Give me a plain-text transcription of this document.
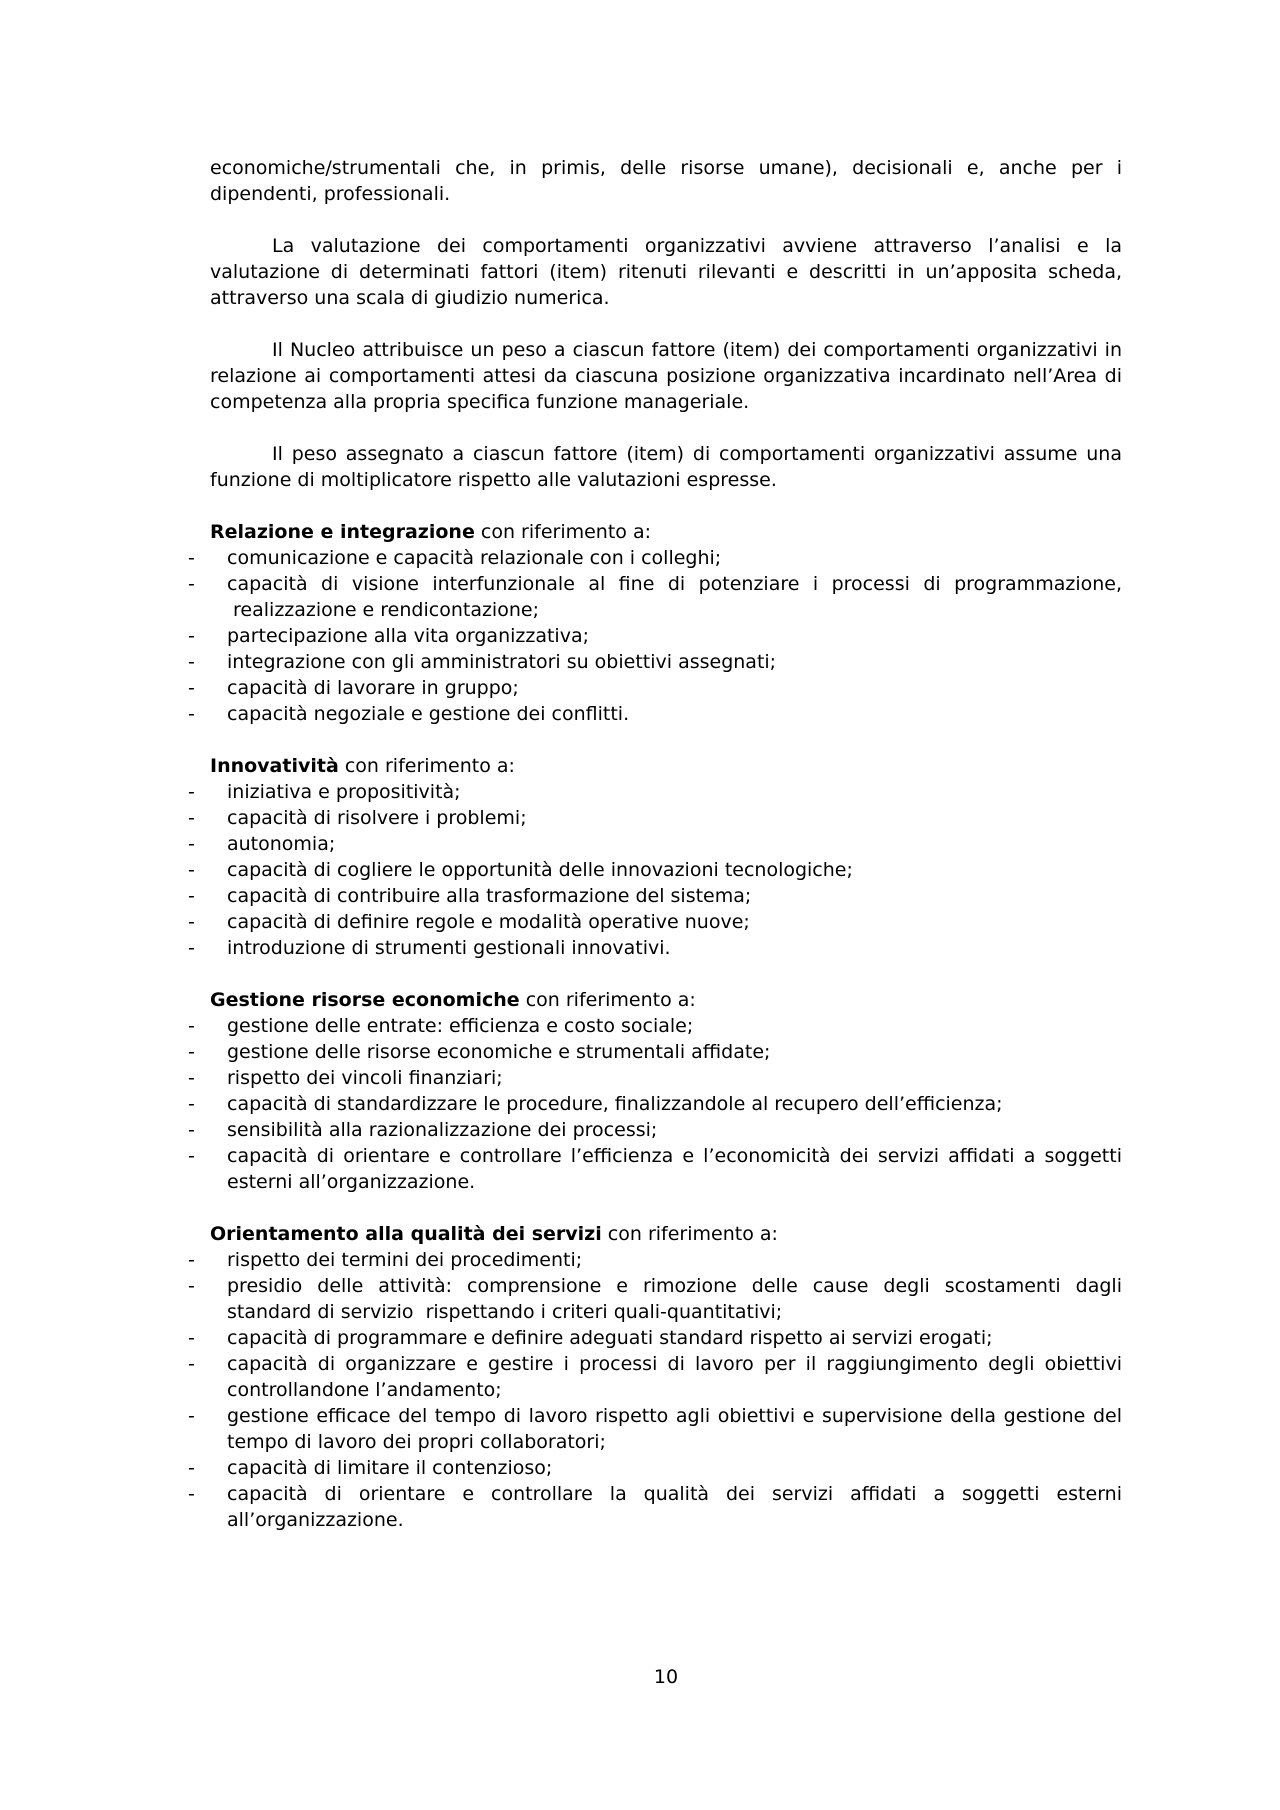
economiche/strumentali che, in primis, delle risorse umane), decisionali e, anche per i dipendenti, professionali.

La valutazione dei comportamenti organizzativi avviene attraverso l’analisi e la valutazione di determinati fattori (item) ritenuti rilevanti e descritti in un’apposita scheda, attraverso una scala di giudizio numerica.

Il Nucleo attribuisce un peso a ciascun fattore (item) dei comportamenti organizzativi in relazione ai comportamenti attesi da ciascuna posizione organizzativa incardinato nell’Area di competenza alla propria specifica funzione manageriale.

Il peso assegnato a ciascun fattore (item) di comportamenti organizzativi assume una funzione di moltiplicatore rispetto alle valutazioni espresse.

Relazione e integrazione con riferimento a:

- comunicazione e capacità relazionale con i colleghi;
- capacità di visione interfunzionale al fine di potenziare i processi di programmazione,  realizzazione e rendicontazione;
- partecipazione alla vita organizzativa;
- integrazione con gli amministratori su obiettivi assegnati;
- capacità di lavorare in gruppo;
- capacità negoziale e gestione dei conflitti.

Innovatività con riferimento a:

- iniziativa e propositività;
- capacità di risolvere i problemi;
- autonomia;
- capacità di cogliere le opportunità delle innovazioni tecnologiche;
- capacità di contribuire alla trasformazione del sistema;
- capacità di definire regole e modalità operative nuove;
- introduzione di strumenti gestionali innovativi.

Gestione risorse economiche con riferimento a:

- gestione delle entrate: efficienza e costo sociale;
- gestione delle risorse economiche e strumentali affidate;
- rispetto dei vincoli finanziari;
- capacità di standardizzare le procedure, finalizzandole al recupero dell’efficienza;
- sensibilità alla razionalizzazione dei processi;
- capacità di orientare e controllare l’efficienza e l’economicità dei servizi affidati a soggetti esterni all’organizzazione.

Orientamento alla qualità dei servizi con riferimento a:

- rispetto dei termini dei procedimenti;
- presidio delle attività: comprensione e rimozione delle cause degli scostamenti dagli standard di servizio  rispettando i criteri quali-quantitativi;
- capacità di programmare e definire adeguati standard rispetto ai servizi erogati;
- capacità di organizzare e gestire i processi di lavoro per il raggiungimento degli obiettivi controllandone l’andamento;
- gestione efficace del tempo di lavoro rispetto agli obiettivi e supervisione della gestione del tempo di lavoro dei propri collaboratori;
- capacità di limitare il contenzioso;
- capacità di orientare e controllare la qualità dei servizi affidati a soggetti esterni all’organizzazione.
10
